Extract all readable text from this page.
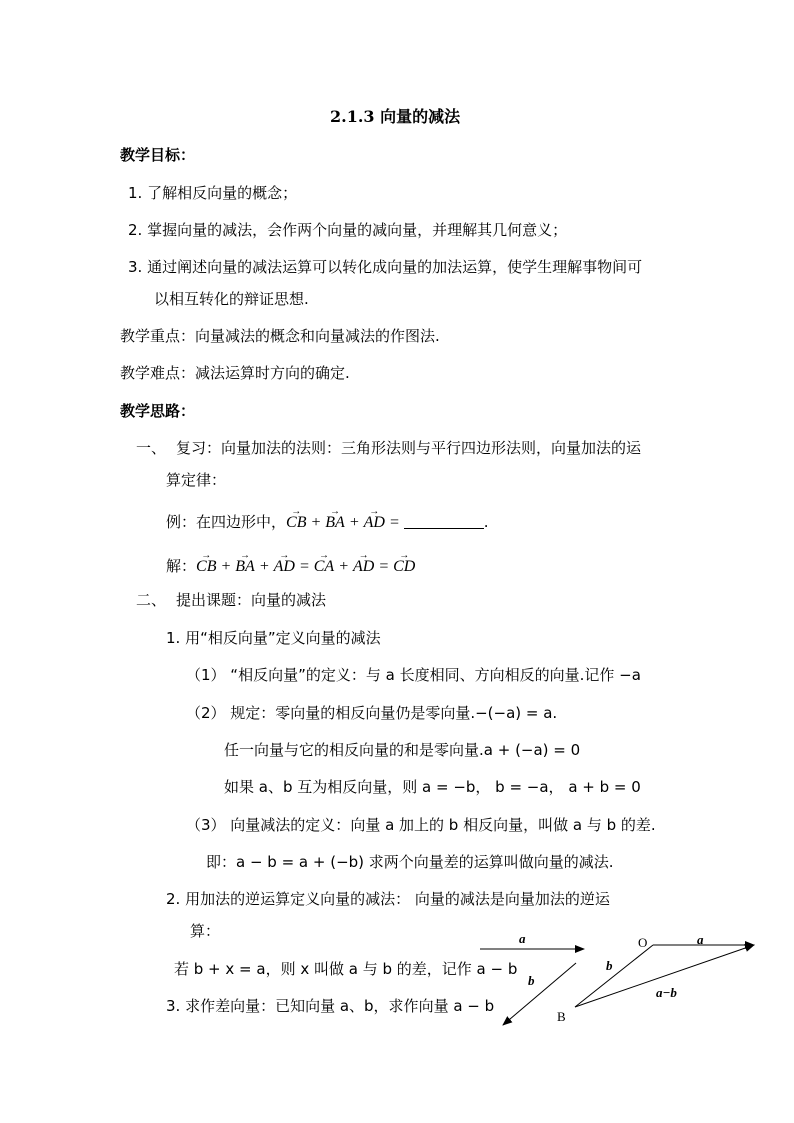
2.1.3 向量的减法
教学目标：
1. 了解相反向量的概念；
2. 掌握向量的减法，会作两个向量的减向量，并理解其几何意义；
3. 通过阐述向量的减法运算可以转化成向量的加法运算，使学生理解事物间可
以相互转化的辩证思想.
教学重点：向量减法的概念和向量减法的作图法.
教学难点：减法运算时方向的确定.
教学思路：
一、 复习：向量加法的法则：三角形法则与平行四边形法则，向量加法的运
算定律：
例：在四边形中，→ CB + → BA + → AD =	.
解：→ CB + → BA + → AD = → CA + → AD = → CD
二、 提出课题：向量的减法
1. 用“相反向量”定义向量的减法
（1） “相反向量”的定义：与 a 长度相同、方向相反的向量.记作 −a
（2） 规定：零向量的相反向量仍是零向量.−(−a) = a.
任一向量与它的相反向量的和是零向量.a + (−a) = 0
如果 a、b 互为相反向量，则 a = −b， b = −a， a + b = 0
（3） 向量减法的定义：向量 a 加上的 b 相反向量，叫做 a 与 b 的差.
即：a − b = a + (−b) 求两个向量差的运算叫做向量的减法.
2. 用加法的逆运算定义向量的减法： 向量的减法是向量加法的逆运
算：
若 b + x = a，则 x 叫做 a 与 b 的差，记作 a − b
3. 求作差向量：已知向量 a、b，求作向量 a − b
a
b
O	a
b
B
a−b
